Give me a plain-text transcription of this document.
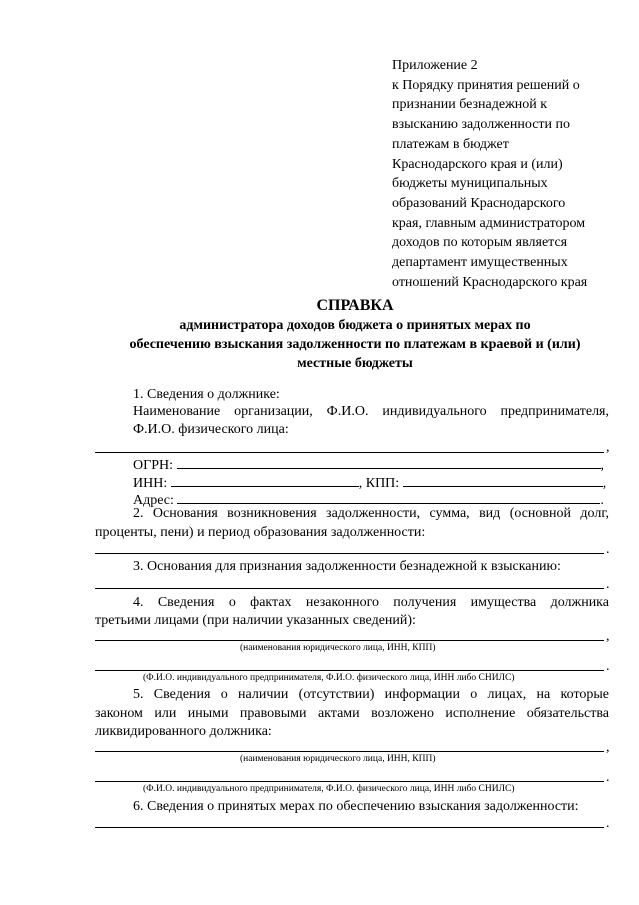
Приложение 2
к Порядку принятия решений о
признании безнадежной к
взысканию задолженности по
платежам в бюджет
Краснодарского края и (или)
бюджеты муниципальных
образований Краснодарского
края, главным администратором
доходов по которым является
департамент имущественных
отношений Краснодарского края
СПРАВКА
администратора доходов бюджета о принятых мерах по
обеспечению взыскания задолженности по платежам в краевой и (или)
местные бюджеты
1. Сведения о должнике:
Наименование организации, Ф.И.О. индивидуального предпринимателя,
Ф.И.О. физического лица:
,
ОГРН:	,
ИНН:	, КПП:	,
Адрес:	.
2. Основания возникновения задолженности, сумма, вид (основной долг,
проценты, пени) и период образования задолженности:
.
3. Основания для признания задолженности безнадежной к взысканию:
.
4. Сведения о фактах незаконного получения имущества должника
третьими лицами (при наличии указанных сведений):
,
(наименования юридического лица, ИНН, КПП)
.
(Ф.И.О. индивидуального предпринимателя, Ф.И.О. физического лица, ИНН либо СНИЛС)
5. Сведения о наличии (отсутствии) информации о лицах, на которые
законом или иными правовыми актами возложено исполнение обязательства
ликвидированного должника:
,
(наименования юридического лица, ИНН, КПП)
.
(Ф.И.О. индивидуального предпринимателя, Ф.И.О. физического лица, ИНН либо СНИЛС)
6. Сведения о принятых мерах по обеспечению взыскания задолженности:
.
